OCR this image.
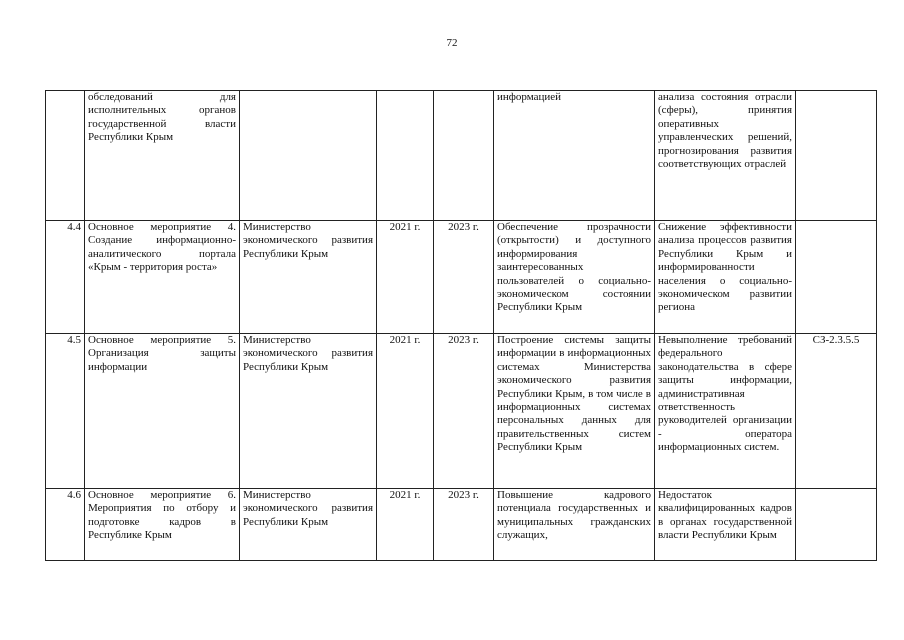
72
	обследований для исполнительных органов государственной власти Республики Крым				информацией	анализа состояния отрасли (сферы), принятия оперативных управленческих решений, прогнозирования развития соответствующих отраслей	
4.4	Основное мероприятие 4. Создание информационно-аналитического портала «Крым - территория роста»	Министерство экономического развития Республики Крым	2021 г.	2023 г.	Обеспечение прозрачности (открытости) и доступного информирования заинтересованных пользователей о социально-экономическом состоянии Республики Крым	Снижение эффективности анализа процессов развития Республики Крым и информированности населения о социально-экономическом развитии региона	
4.5	Основное мероприятие 5. Организация защиты информации	Министерство экономического развития Республики Крым	2021 г.	2023 г.	Построение системы защиты информации в информационных системах Министерства экономического развития Республики Крым, в том числе в информационных системах персональных данных для правительственных систем Республики Крым	Невыполнение требований федерального законодательства в сфере защиты информации, административная ответственность руководителей организации - оператора информационных систем.	СЗ-2.3.5.5
4.6	Основное мероприятие 6. Мероприятия по отбору и подготовке кадров в Республике Крым	Министерство экономического развития Республики Крым	2021 г.	2023 г.	Повышение кадрового потенциала государственных и муниципальных гражданских служащих,	Недостаток квалифицированных кадров в органах государственной власти Республики Крым	
